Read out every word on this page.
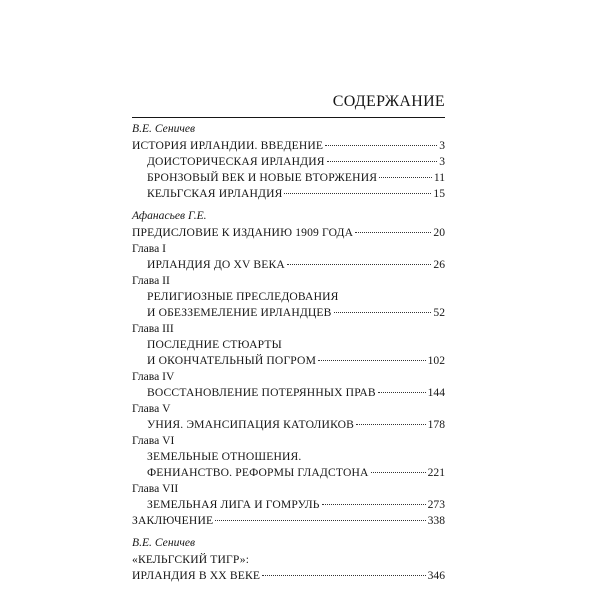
СОДЕРЖАНИЕ
В.Е. Сеничев
ИСТОРИЯ ИРЛАНДИИ. ВВЕДЕНИЕ	3
ДОИСТОРИЧЕСКАЯ ИРЛАНДИЯ	3
БРОНЗОВЫЙ ВЕК И НОВЫЕ ВТОРЖЕНИЯ	11
КЕЛЬГСКАЯ ИРЛАНДИЯ	15
Афанасьев Г.Е.
ПРЕДИСЛОВИЕ К ИЗДАНИЮ 1909 ГОДА	20
Глава I
ИРЛАНДИЯ ДО XV ВЕКА	26
Глава II
РЕЛИГИОЗНЫЕ ПРЕСЛЕДОВАНИЯ
И ОБЕЗЗЕМЕЛЕНИЕ ИРЛАНДЦЕВ	52
Глава III
ПОСЛЕДНИЕ СТЮАРТЫ
И ОКОНЧАТЕЛЬНЫЙ ПОГРОМ	102
Глава IV
ВОССТАНОВЛЕНИЕ ПОТЕРЯННЫХ ПРАВ	144
Глава V
УНИЯ. ЭМАНСИПАЦИЯ КАТОЛИКОВ	178
Глава VI
ЗЕМЕЛЬНЫЕ ОТНОШЕНИЯ.
ФЕНИАНСТВО. РЕФОРМЫ ГЛАДСТОНА	221
Глава VII
ЗЕМЕЛЬНАЯ ЛИГА И ГОМРУЛЬ	273
ЗАКЛЮЧЕНИЕ	338
В.Е. Сеничев
«КЕЛЬГСКИЙ ТИГР»:
ИРЛАНДИЯ В XX ВЕКЕ	346
